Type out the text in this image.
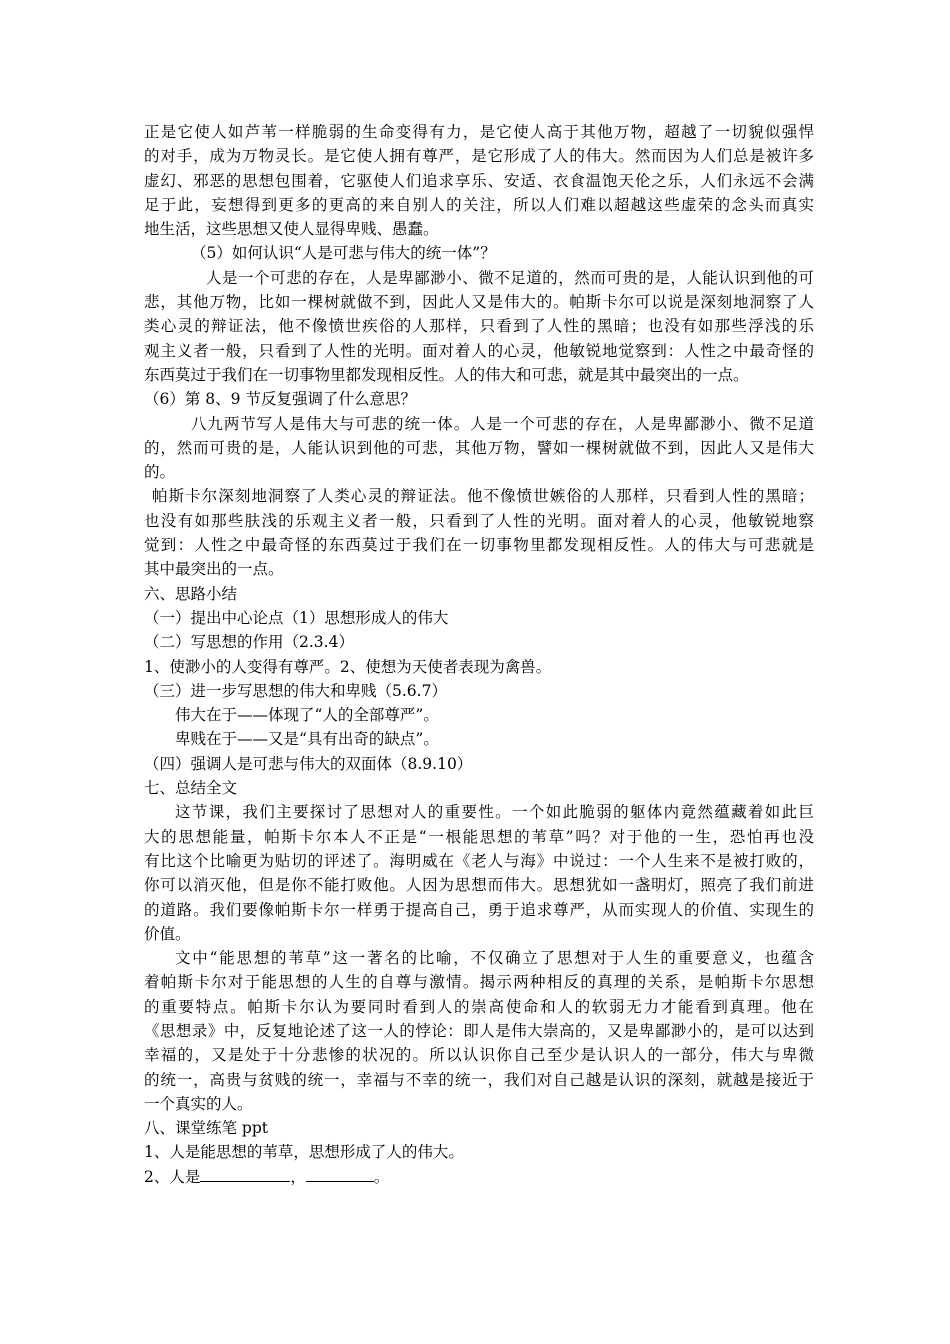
正是它使人如芦苇一样脆弱的生命变得有力，是它使人高于其他万物，超越了一切貌似强悍
的对手，成为万物灵长。是它使人拥有尊严，是它形成了人的伟大。然而因为人们总是被许多
虚幻、邪恶的思想包围着，它驱使人们追求享乐、安适、衣食温饱天伦之乐，人们永远不会满
足于此，妄想得到更多的更高的来自别人的关注，所以人们难以超越这些虚荣的念头而真实
地生活，这些思想又使人显得卑贱、愚蠢。
（5）如何认识“人是可悲与伟大的统一体”？
人是一个可悲的存在，人是卑鄙渺小、微不足道的，然而可贵的是，人能认识到他的可
悲，其他万物，比如一棵树就做不到，因此人又是伟大的。帕斯卡尔可以说是深刻地洞察了人
类心灵的辩证法，他不像愤世疾俗的人那样，只看到了人性的黑暗；也没有如那些浮浅的乐
观主义者一般，只看到了人性的光明。面对着人的心灵，他敏锐地觉察到：人性之中最奇怪的
东西莫过于我们在一切事物里都发现相反性。人的伟大和可悲，就是其中最突出的一点。
（6）第 8、9 节反复强调了什么意思？
八九两节写人是伟大与可悲的统一体。人是一个可悲的存在，人是卑鄙渺小、微不足道
的，然而可贵的是，人能认识到他的可悲，其他万物，譬如一棵树就做不到，因此人又是伟大
的。
帕斯卡尔深刻地洞察了人类心灵的辩证法。他不像愤世嫉俗的人那样，只看到人性的黑暗；
也没有如那些肤浅的乐观主义者一般，只看到了人性的光明。面对着人的心灵，他敏锐地察
觉到：人性之中最奇怪的东西莫过于我们在一切事物里都发现相反性。人的伟大与可悲就是
其中最突出的一点。
六、思路小结
（一）提出中心论点（1）思想形成人的伟大
（二）写思想的作用（2.3.4）
1、使渺小的人变得有尊严。2、使想为天使者表现为禽兽。
（三）进一步写思想的伟大和卑贱（5.6.7）
伟大在于——体现了“人的全部尊严”。
卑贱在于——又是“具有出奇的缺点”。
（四）强调人是可悲与伟大的双面体（8.9.10）
七、总结全文
这节课，我们主要探讨了思想对人的重要性。一个如此脆弱的躯体内竟然蕴藏着如此巨
大的思想能量，帕斯卡尔本人不正是“一根能思想的苇草”吗？对于他的一生，恐怕再也没
有比这个比喻更为贴切的评述了。海明威在《老人与海》中说过：一个人生来不是被打败的，
你可以消灭他，但是你不能打败他。人因为思想而伟大。思想犹如一盏明灯，照亮了我们前进
的道路。我们要像帕斯卡尔一样勇于提高自己，勇于追求尊严，从而实现人的价值、实现生的
价值。
文中“能思想的苇草”这一著名的比喻，不仅确立了思想对于人生的重要意义，也蕴含
着帕斯卡尔对于能思想的人生的自尊与激情。揭示两种相反的真理的关系，是帕斯卡尔思想
的重要特点。帕斯卡尔认为要同时看到人的崇高使命和人的软弱无力才能看到真理。他在
《思想录》中，反复地论述了这一人的悖论：即人是伟大崇高的，又是卑鄙渺小的，是可以达到
幸福的，又是处于十分悲惨的状况的。所以认识你自己至少是认识人的一部分，伟大与卑微
的统一，高贵与贫贱的统一，幸福与不幸的统一，我们对自己越是认识的深刻，就越是接近于
一个真实的人。
八、课堂练笔 ppt
1、人是能思想的苇草，思想形成了人的伟大。
2、人是	，	。
